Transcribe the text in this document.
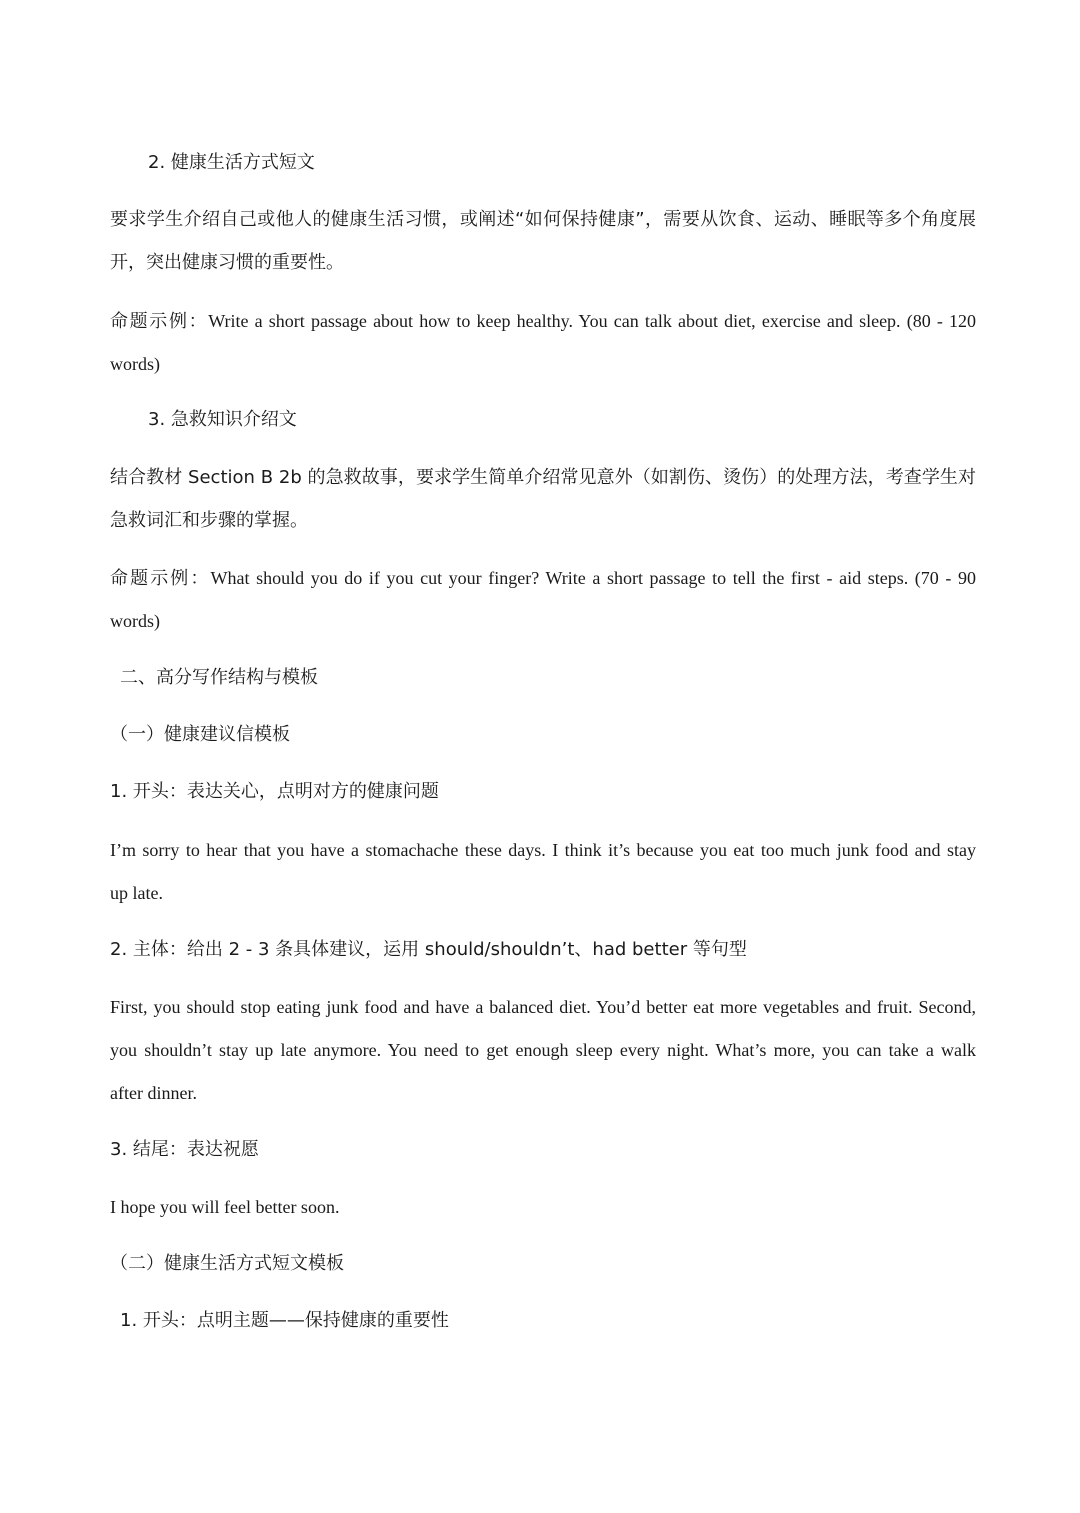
2. 健康生活方式短文
要求学生介绍自己或他人的健康生活习惯，或阐述“如何保持健康”，需要从饮食、运动、睡眠等多个角度展
开，突出健康习惯的重要性。
命题示例：Write a short passage about how to keep healthy. You can talk about diet, exercise and sleep. (80 - 120
words)
3. 急救知识介绍文
结合教材 Section B 2b 的急救故事，要求学生简单介绍常见意外（如割伤、烫伤）的处理方法，考查学生对
急救词汇和步骤的掌握。
命题示例：What should you do if you cut your finger? Write a short passage to tell the first - aid steps. (70 - 90
words)
二、高分写作结构与模板
（一）健康建议信模板
1. 开头：表达关心，点明对方的健康问题
I’m sorry to hear that you have a stomachache these days. I think it’s because you eat too much junk food and stay
up late.
2. 主体：给出 2 - 3 条具体建议，运用 should/shouldn’t、had better 等句型
First, you should stop eating junk food and have a balanced diet. You’d better eat more vegetables and fruit. Second,
you shouldn’t stay up late anymore. You need to get enough sleep every night. What’s more, you can take a walk
after dinner.
3. 结尾：表达祝愿
I hope you will feel better soon.
（二）健康生活方式短文模板
1. 开头：点明主题——保持健康的重要性
